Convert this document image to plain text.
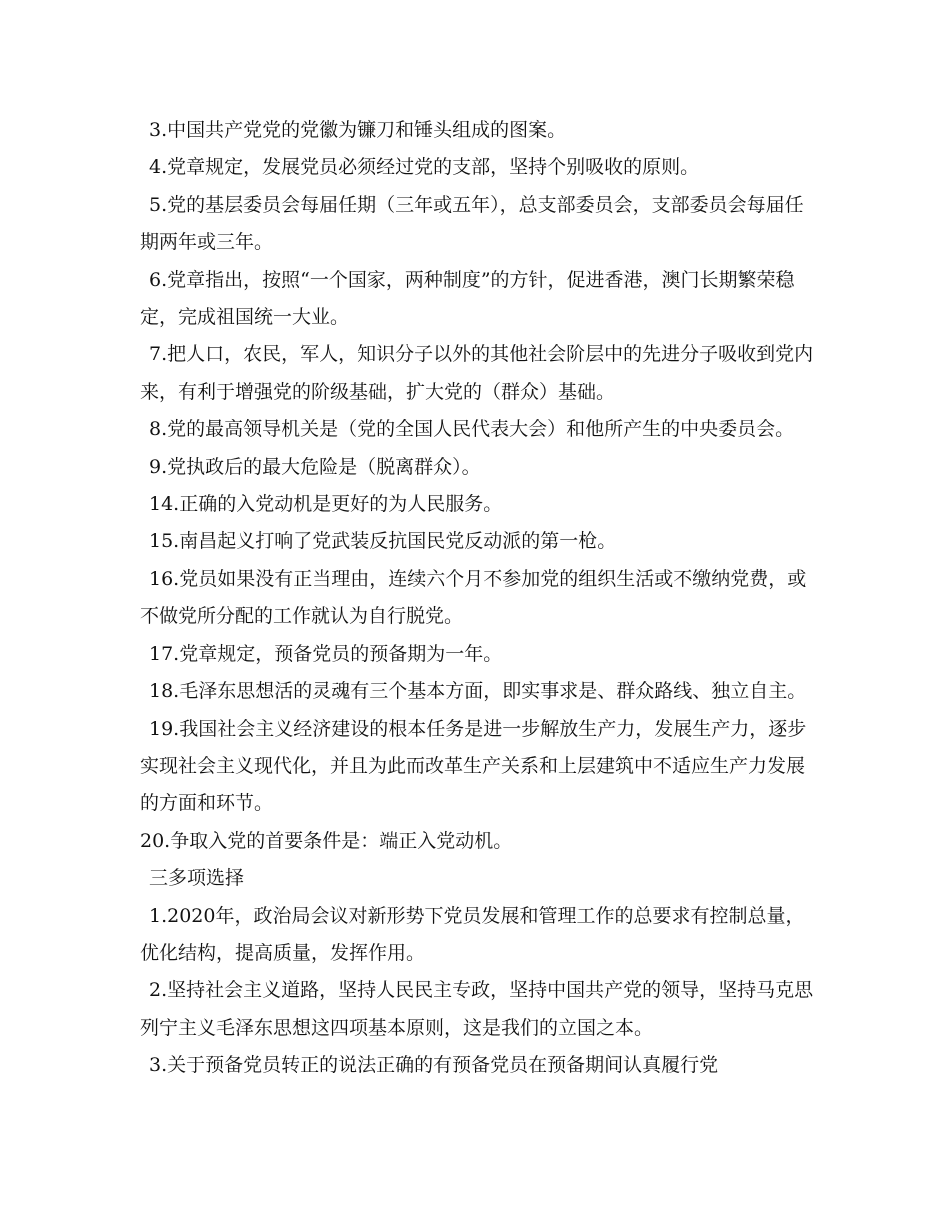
3.中国共产党党的党徽为镰刀和锤头组成的图案。

4.党章规定，发展党员必须经过党的支部，坚持个别吸收的原则。

5.党的基层委员会每届任期（三年或五年），总支部委员会，支部委员会每届任期两年或三年。

6.党章指出，按照“一个国家，两种制度”的方针，促进香港，澳门长期繁荣稳定，完成祖国统一大业。

7.把人口，农民，军人，知识分子以外的其他社会阶层中的先进分子吸收到党内来，有利于增强党的阶级基础，扩大党的（群众）基础。

8.党的最高领导机关是（党的全国人民代表大会）和他所产生的中央委员会。

9.党执政后的最大危险是（脱离群众）。

14.正确的入党动机是更好的为人民服务。

15.南昌起义打响了党武装反抗国民党反动派的第一枪。

16.党员如果没有正当理由，连续六个月不参加党的组织生活或不缴纳党费，或不做党所分配的工作就认为自行脱党。

17.党章规定，预备党员的预备期为一年。

18.毛泽东思想活的灵魂有三个基本方面，即实事求是、群众路线、独立自主。

19.我国社会主义经济建设的根本任务是进一步解放生产力，发展生产力，逐步实现社会主义现代化，并且为此而改革生产关系和上层建筑中不适应生产力发展的方面和环节。

20.争取入党的首要条件是：端正入党动机。

三多项选择

1.2020年，政治局会议对新形势下党员发展和管理工作的总要求有控制总量，优化结构，提高质量，发挥作用。

2.坚持社会主义道路，坚持人民民主专政，坚持中国共产党的领导，坚持马克思列宁主义毛泽东思想这四项基本原则，这是我们的立国之本。

3.关于预备党员转正的说法正确的有预备党员在预备期间认真履行党
